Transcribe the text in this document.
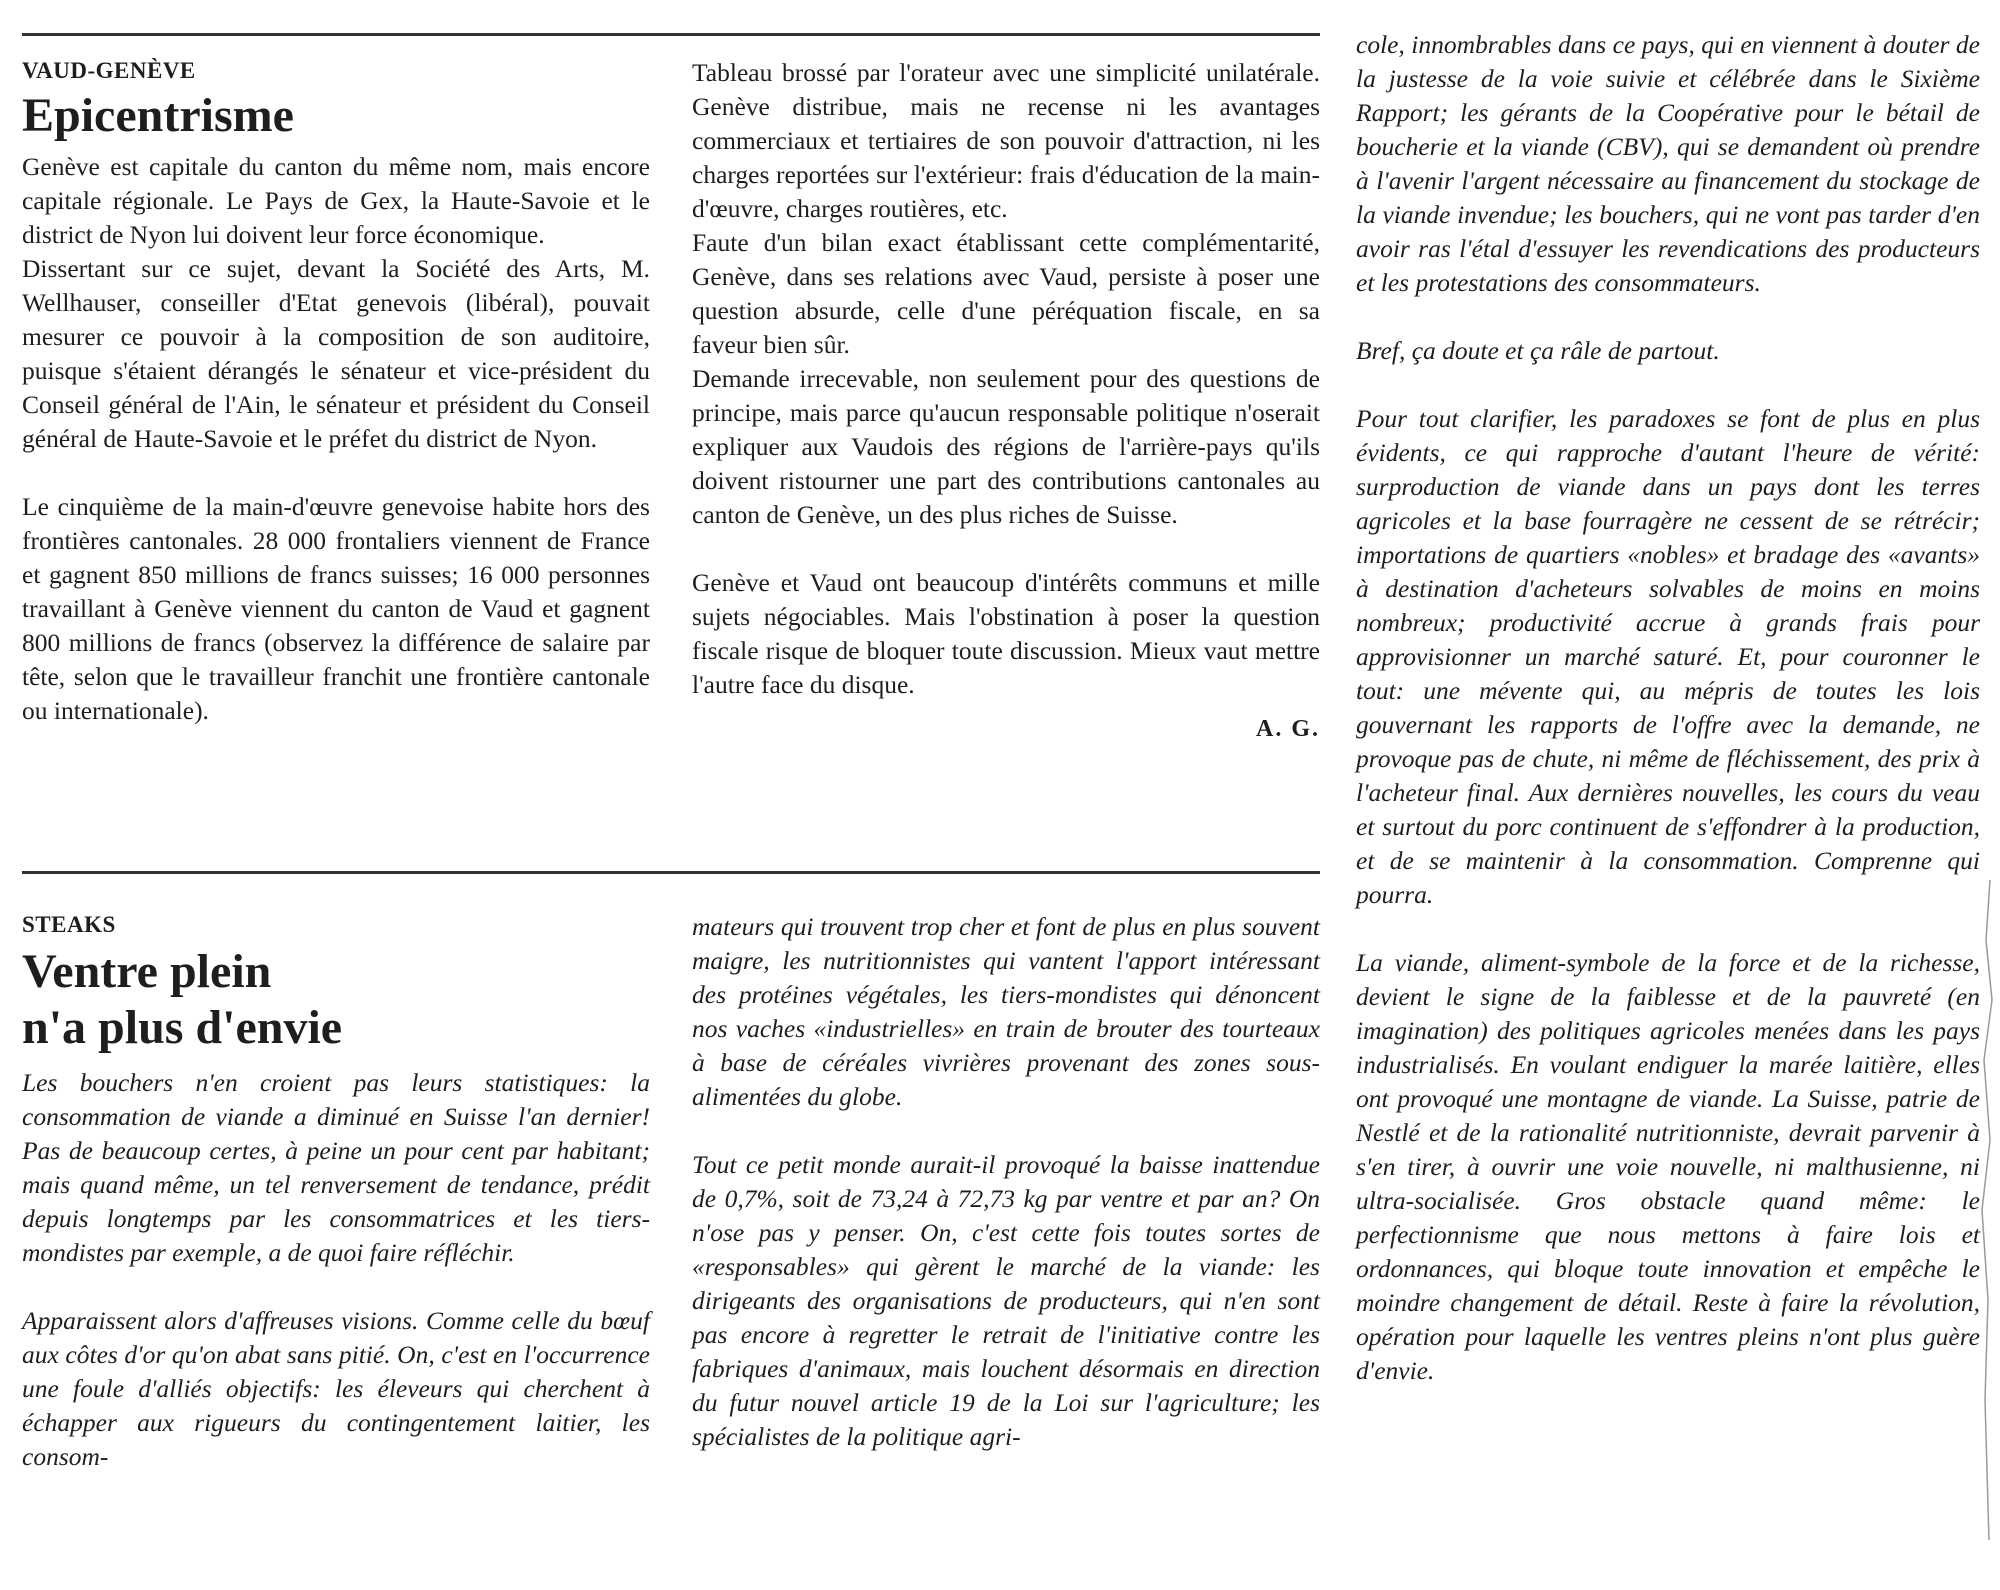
VAUD-GENÈVE
Epicentrisme

Genève est capitale du canton du même nom, mais encore capitale régionale. Le Pays de Gex, la Haute-Savoie et le district de Nyon lui doivent leur force économique.

Dissertant sur ce sujet, devant la Société des Arts, M. Wellhauser, conseiller d'Etat genevois (libéral), pouvait mesurer ce pouvoir à la composition de son auditoire, puisque s'étaient dérangés le sénateur et vice-président du Conseil général de l'Ain, le sénateur et président du Conseil général de Haute-Savoie et le préfet du district de Nyon.

Le cinquième de la main-d'œuvre genevoise habite hors des frontières cantonales. 28 000 frontaliers viennent de France et gagnent 850 millions de francs suisses; 16 000 personnes travaillant à Genève viennent du canton de Vaud et gagnent 800 millions de francs (observez la différence de salaire par tête, selon que le travailleur franchit une frontière cantonale ou internationale).

Tableau brossé par l'orateur avec une simplicité unilatérale. Genève distribue, mais ne recense ni les avantages commerciaux et tertiaires de son pouvoir d'attraction, ni les charges reportées sur l'extérieur: frais d'éducation de la main-d'œuvre, charges routières, etc.

Faute d'un bilan exact établissant cette complémentarité, Genève, dans ses relations avec Vaud, persiste à poser une question absurde, celle d'une péréquation fiscale, en sa faveur bien sûr.

Demande irrecevable, non seulement pour des questions de principe, mais parce qu'aucun responsable politique n'oserait expliquer aux Vaudois des régions de l'arrière-pays qu'ils doivent ristourner une part des contributions cantonales au canton de Genève, un des plus riches de Suisse.

Genève et Vaud ont beaucoup d'intérêts communs et mille sujets négociables. Mais l'obstination à poser la question fiscale risque de bloquer toute discussion. Mieux vaut mettre l'autre face du disque.

A. G.
STEAKS
Ventre plein
n'a plus d'envie

Les bouchers n'en croient pas leurs statistiques: la consommation de viande a diminué en Suisse l'an dernier! Pas de beaucoup certes, à peine un pour cent par habitant; mais quand même, un tel renversement de tendance, prédit depuis longtemps par les consommatrices et les tiers-mondistes par exemple, a de quoi faire réfléchir.

Apparaissent alors d'affreuses visions. Comme celle du bœuf aux côtes d'or qu'on abat sans pitié. On, c'est en l'occurrence une foule d'alliés objectifs: les éleveurs qui cherchent à échapper aux rigueurs du contingentement laitier, les consom-

mateurs qui trouvent trop cher et font de plus en plus souvent maigre, les nutritionnistes qui vantent l'apport intéressant des protéines végétales, les tiers-mondistes qui dénoncent nos vaches «industrielles» en train de brouter des tourteaux à base de céréales vivrières provenant des zones sous-alimentées du globe.

Tout ce petit monde aurait-il provoqué la baisse inattendue de 0,7%, soit de 73,24 à 72,73 kg par ventre et par an? On n'ose pas y penser. On, c'est cette fois toutes sortes de «responsables» qui gèrent le marché de la viande: les dirigeants des organisations de producteurs, qui n'en sont pas encore à regretter le retrait de l'initiative contre les fabriques d'animaux, mais louchent désormais en direction du futur nouvel article 19 de la Loi sur l'agriculture; les spécialistes de la politique agri-

cole, innombrables dans ce pays, qui en viennent à douter de la justesse de la voie suivie et célébrée dans le Sixième Rapport; les gérants de la Coopérative pour le bétail de boucherie et la viande (CBV), qui se demandent où prendre à l'avenir l'argent nécessaire au financement du stockage de la viande invendue; les bouchers, qui ne vont pas tarder d'en avoir ras l'étal d'essuyer les revendications des producteurs et les protestations des consommateurs.

Bref, ça doute et ça râle de partout.

Pour tout clarifier, les paradoxes se font de plus en plus évidents, ce qui rapproche d'autant l'heure de vérité: surproduction de viande dans un pays dont les terres agricoles et la base fourragère ne cessent de se rétrécir; importations de quartiers «nobles» et bradage des «avants» à destination d'acheteurs solvables de moins en moins nombreux; productivité accrue à grands frais pour approvisionner un marché saturé. Et, pour couronner le tout: une mévente qui, au mépris de toutes les lois gouvernant les rapports de l'offre avec la demande, ne provoque pas de chute, ni même de fléchissement, des prix à l'acheteur final. Aux dernières nouvelles, les cours du veau et surtout du porc continuent de s'effondrer à la production, et de se maintenir à la consommation. Comprenne qui pourra.

La viande, aliment-symbole de la force et de la richesse, devient le signe de la faiblesse et de la pauvreté (en imagination) des politiques agricoles menées dans les pays industrialisés. En voulant endiguer la marée laitière, elles ont provoqué une montagne de viande. La Suisse, patrie de Nestlé et de la rationalité nutritionniste, devrait parvenir à s'en tirer, à ouvrir une voie nouvelle, ni malthusienne, ni ultra-socialisée. Gros obstacle quand même: le perfectionnisme que nous mettons à faire lois et ordonnances, qui bloque toute innovation et empêche le moindre changement de détail. Reste à faire la révolution, opération pour laquelle les ventres pleins n'ont plus guère d'envie.
